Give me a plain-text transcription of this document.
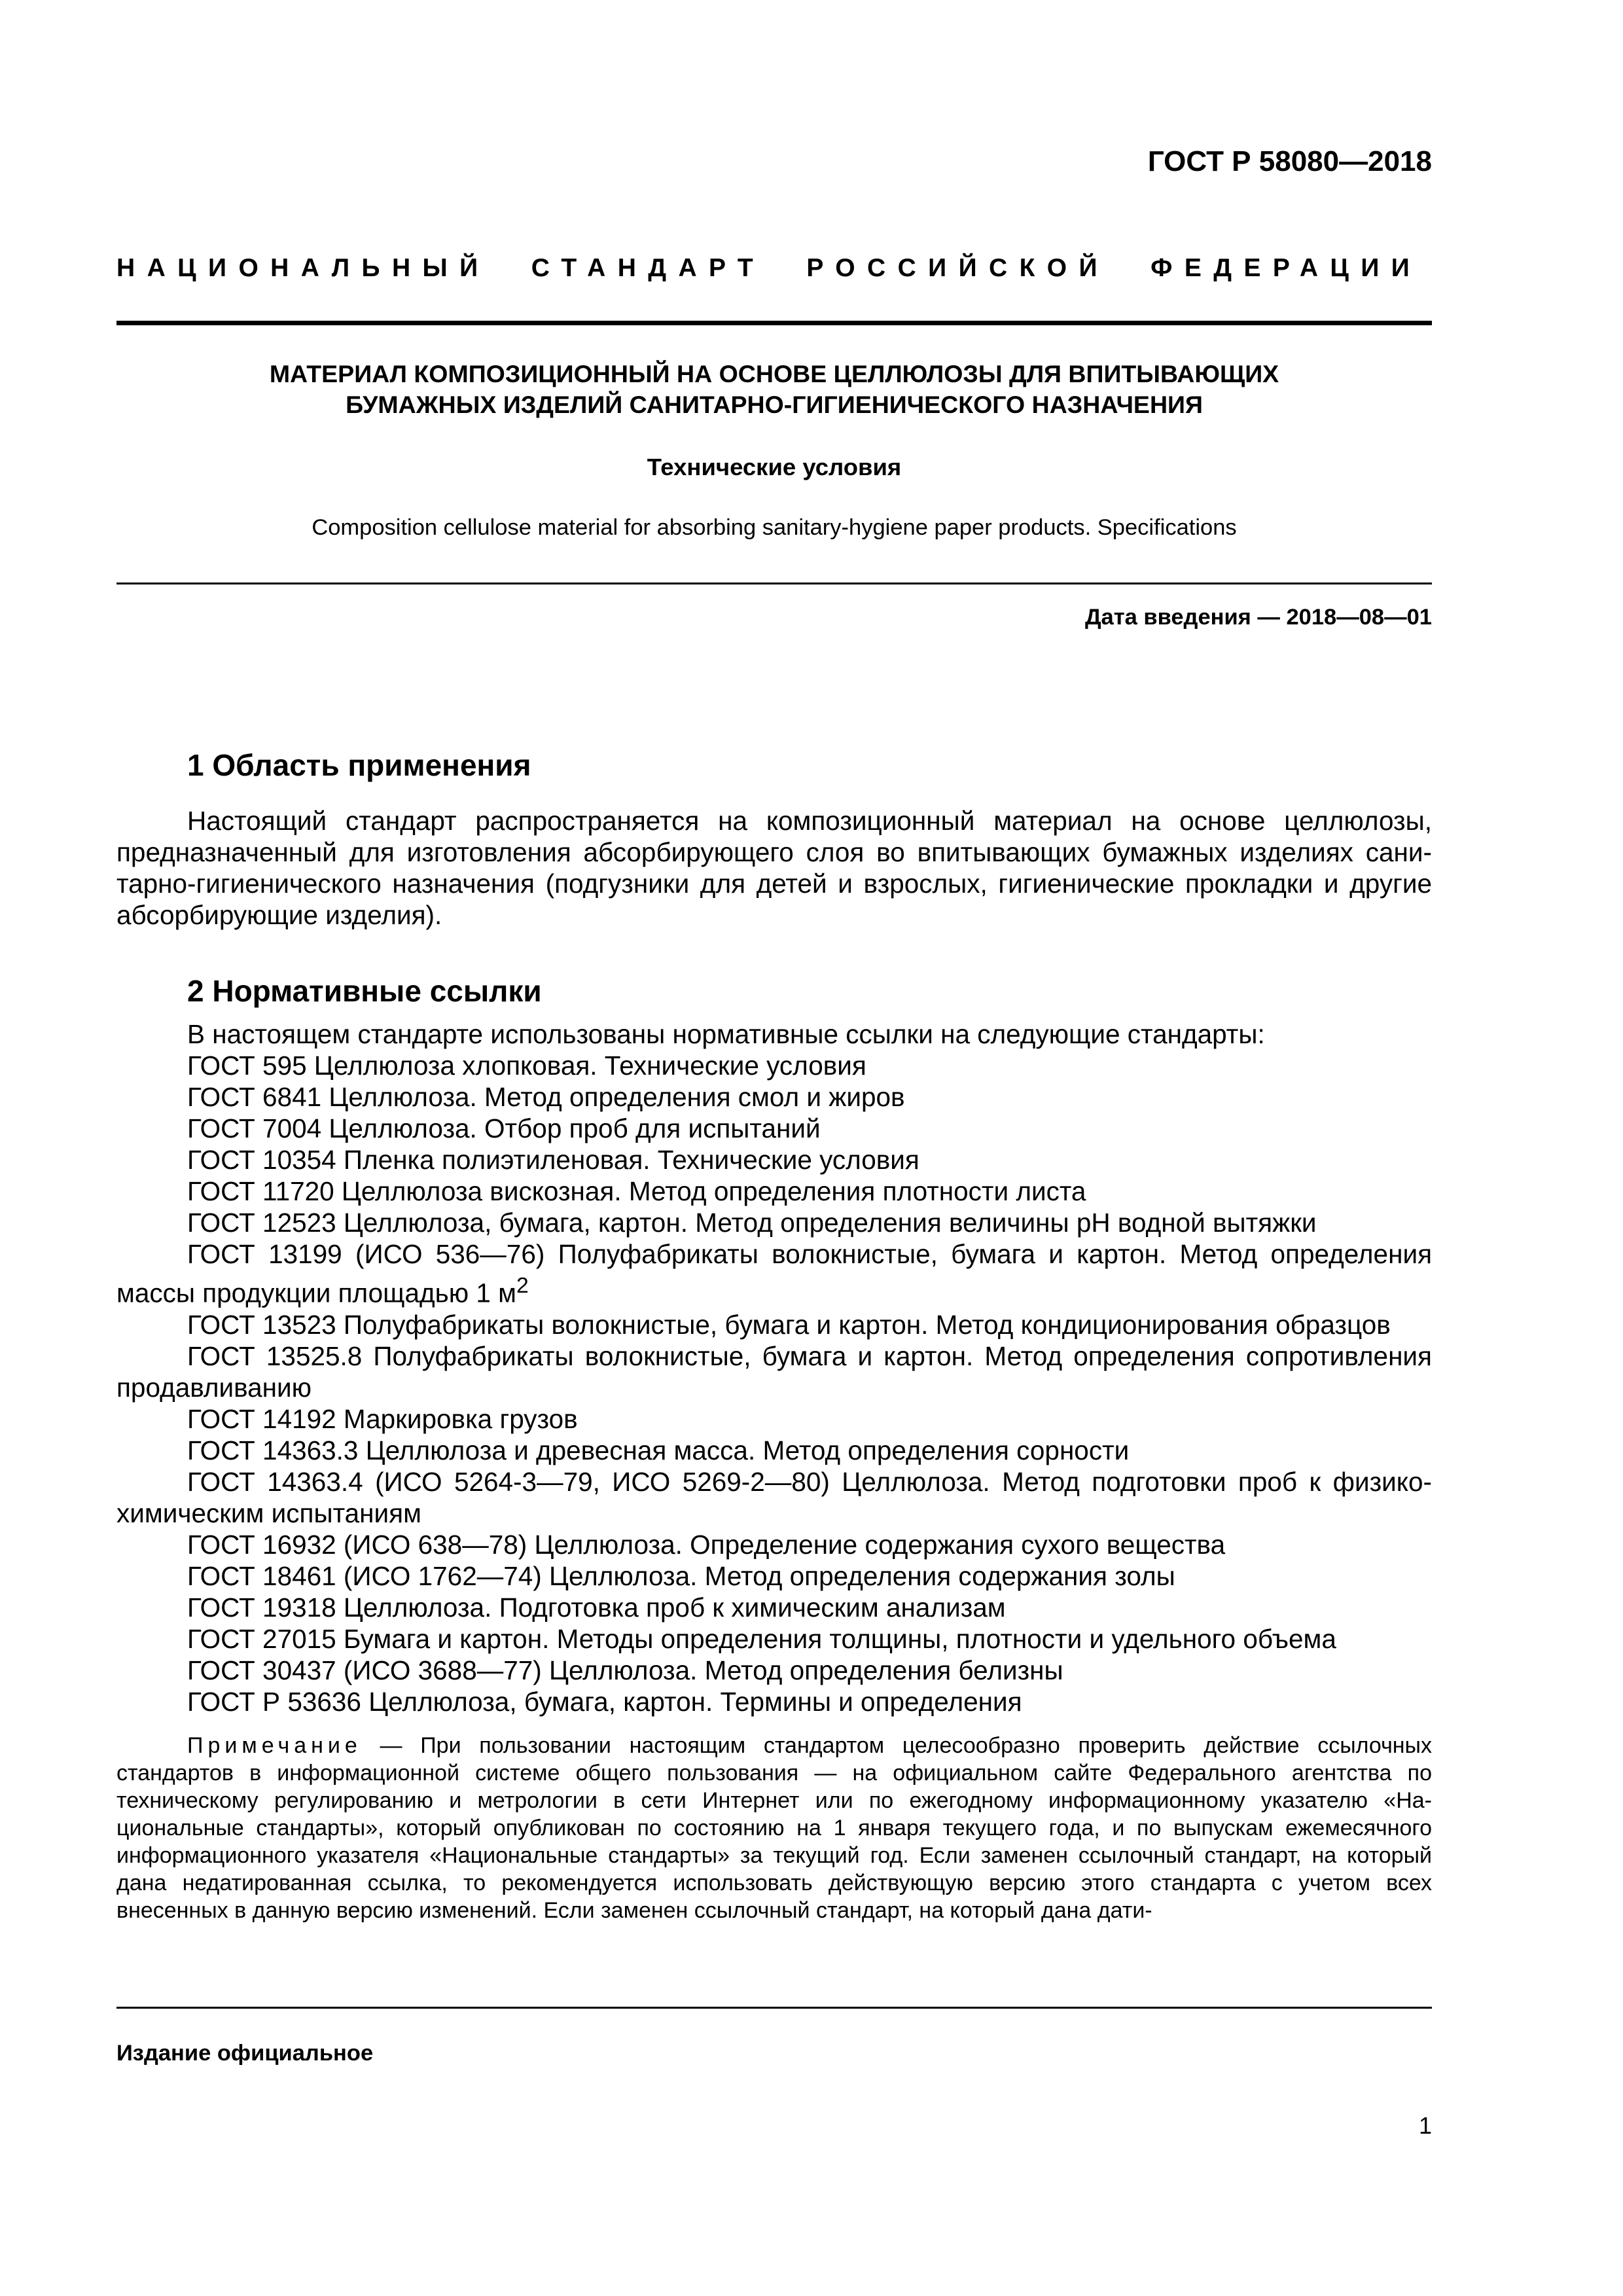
ГОСТ Р 58080—2018
НАЦИОНАЛЬНЫЙ СТАНДАРТ РОССИЙСКОЙ ФЕДЕРАЦИИ
МАТЕРИАЛ КОМПОЗИЦИОННЫЙ НА ОСНОВЕ ЦЕЛЛЮЛОЗЫ ДЛЯ ВПИТЫВАЮЩИХ
БУМАЖНЫХ ИЗДЕЛИЙ САНИТАРНО-ГИГИЕНИЧЕСКОГО НАЗНАЧЕНИЯ
Технические условия
Composition cellulose material for absorbing sanitary-hygiene paper products. Specifications
Дата введения — 2018—08—01
1 Область применения
Настоящий стандарт распространяется на композиционный материал на основе целлюлозы, предназначенный для изготовления абсорбирующего слоя во впитывающих бумажных изделиях санитарно-гигиенического назначения (подгузники для детей и взрослых, гигиенические прокладки и другие абсорбирующие изделия).
2 Нормативные ссылки
В настоящем стандарте использованы нормативные ссылки на следующие стандарты:
ГОСТ 595 Целлюлоза хлопковая. Технические условия
ГОСТ 6841 Целлюлоза. Метод определения смол и жиров
ГОСТ 7004 Целлюлоза. Отбор проб для испытаний
ГОСТ 10354 Пленка полиэтиленовая. Технические условия
ГОСТ 11720 Целлюлоза вискозная. Метод определения плотности листа
ГОСТ 12523 Целлюлоза, бумага, картон. Метод определения величины pH водной вытяжки
ГОСТ 13199 (ИСО 536—76) Полуфабрикаты волокнистые, бумага и картон. Метод определения массы продукции площадью 1 $м^2$
ГОСТ 13523 Полуфабрикаты волокнистые, бумага и картон. Метод кондиционирования образцов
ГОСТ 13525.8 Полуфабрикаты волокнистые, бумага и картон. Метод определения сопротивления продавливанию
ГОСТ 14192 Маркировка грузов
ГОСТ 14363.3 Целлюлоза и древесная масса. Метод определения сорности
ГОСТ 14363.4 (ИСО 5264-3—79, ИСО 5269-2—80) Целлюлоза. Метод подготовки проб к физико-химическим испытаниям
ГОСТ 16932 (ИСО 638—78) Целлюлоза. Определение содержания сухого вещества
ГОСТ 18461 (ИСО 1762—74) Целлюлоза. Метод определения содержания золы
ГОСТ 19318 Целлюлоза. Подготовка проб к химическим анализам
ГОСТ 27015 Бумага и картон. Методы определения толщины, плотности и удельного объема
ГОСТ 30437 (ИСО 3688—77) Целлюлоза. Метод определения белизны
ГОСТ Р 53636 Целлюлоза, бумага, картон. Термины и определения
Примечание — При пользовании настоящим стандартом целесообразно проверить действие ссылочных стандартов в информационной системе общего пользования — на официальном сайте Федерального агентства по техническому регулированию и метрологии в сети Интернет или по ежегодному информационному указателю «Национальные стандарты», который опубликован по состоянию на 1 января текущего года, и по выпускам ежемесячного информационного указателя «Национальные стандарты» за текущий год. Если заменен ссылочный стандарт, на который дана недатированная ссылка, то рекомендуется использовать действующую версию этого стандарта с учетом всех внесенных в данную версию изменений. Если заменен ссылочный стандарт, на который дана дати-
Издание официальное
1
